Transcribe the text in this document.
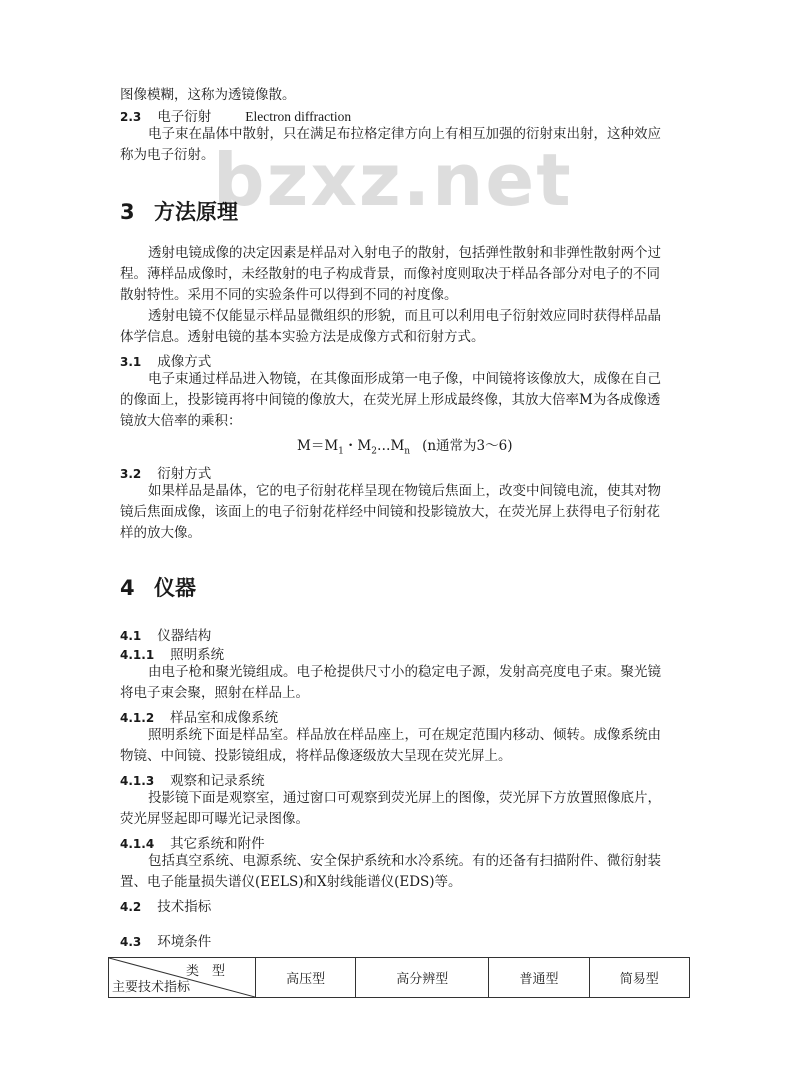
bzxz.net
图像模糊，这称为透镜像散。
2.3 电子衍射	Electron diffraction
电子束在晶体中散射，只在满足布拉格定律方向上有相互加强的衍射束出射，这种效应
称为电子衍射。
3 方法原理
透射电镜成像的决定因素是样品对入射电子的散射，包括弹性散射和非弹性散射两个过
程。薄样品成像时，未经散射的电子构成背景，而像衬度则取决于样品各部分对电子的不同
散射特性。采用不同的实验条件可以得到不同的衬度像。
透射电镜不仅能显示样品显微组织的形貌，而且可以利用电子衍射效应同时获得样品晶
体学信息。透射电镜的基本实验方法是成像方式和衍射方式。
3.1 成像方式
电子束通过样品进入物镜，在其像面形成第一电子像，中间镜将该像放大，成像在自己
的像面上，投影镜再将中间镜的像放大，在荧光屏上形成最终像，其放大倍率M为各成像透
镜放大倍率的乘积：
$M=M_1$・$M_2\dots M_n$ (n通常为3～6)
3.2 衍射方式
如果样品是晶体，它的电子衍射花样呈现在物镜后焦面上，改变中间镜电流，使其对物
镜后焦面成像，该面上的电子衍射花样经中间镜和投影镜放大，在荧光屏上获得电子衍射花
样的放大像。
4 仪器
4.1 仪器结构
4.1.1 照明系统
由电子枪和聚光镜组成。电子枪提供尺寸小的稳定电子源，发射高亮度电子束。聚光镜
将电子束会聚，照射在样品上。
4.1.2 样品室和成像系统
照明系统下面是样品室。样品放在样品座上，可在规定范围内移动、倾转。成像系统由
物镜、中间镜、投影镜组成，将样品像逐级放大呈现在荧光屏上。
4.1.3 观察和记录系统
投影镜下面是观察室，通过窗口可观察到荧光屏上的图像，荧光屏下方放置照像底片，
荧光屏竖起即可曝光记录图像。
4.1.4 其它系统和附件
包括真空系统、电源系统、安全保护系统和水冷系统。有的还备有扫描附件、微衍射装
置、电子能量损失谱仪(EELS)和X射线能谱仪(EDS)等。
4.2 技术指标
4.3 环境条件
类　型
主要技术指标
	高压型	高分辨型	普通型	简易型
